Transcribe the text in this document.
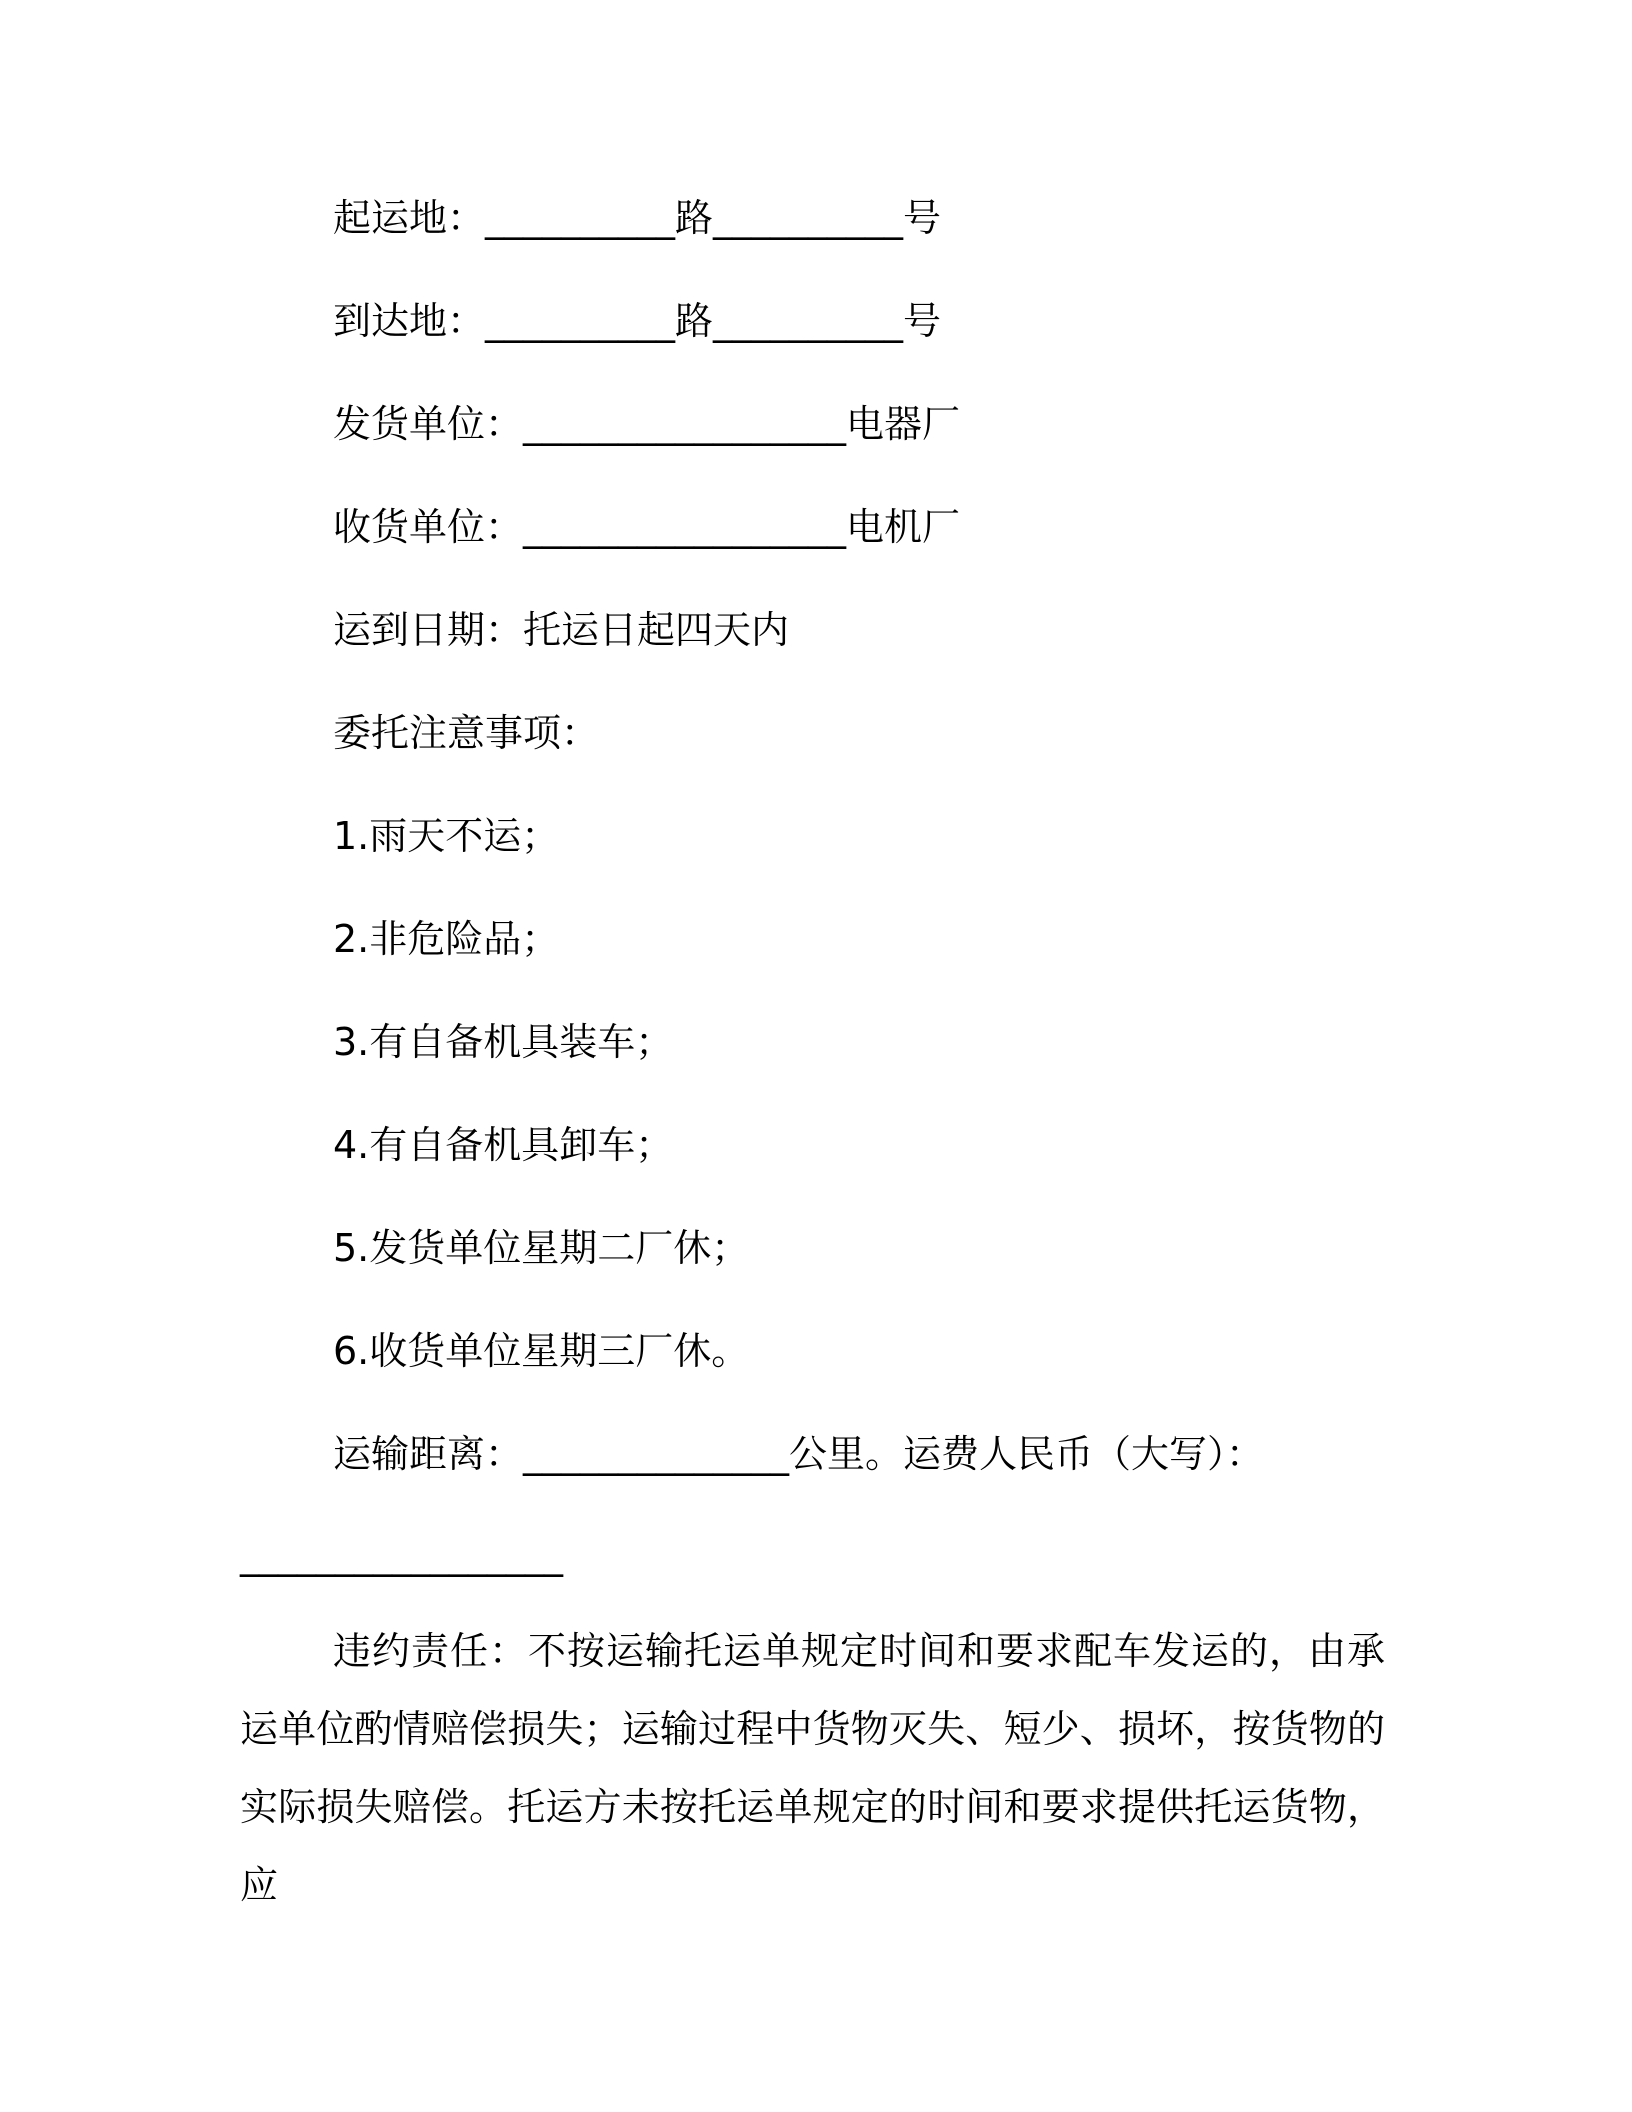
起运地：__________路__________号
到达地：__________路__________号
发货单位：_________________电器厂
收货单位：_________________电机厂
运到日期：托运日起四天内
委托注意事项：
1.雨天不运；
2.非危险品；
3.有自备机具装车；
4.有自备机具卸车；
5.发货单位星期二厂休；
6.收货单位星期三厂休。
运输距离：______________公里。运费人民币（大写）：
_________________
违约责任：不按运输托运单规定时间和要求配车发运的，由承运单位酌情赔偿损失；运输过程中货物灭失、短少、损坏，按货物的实际损失赔偿。托运方未按托运单规定的时间和要求提供托运货物，应
